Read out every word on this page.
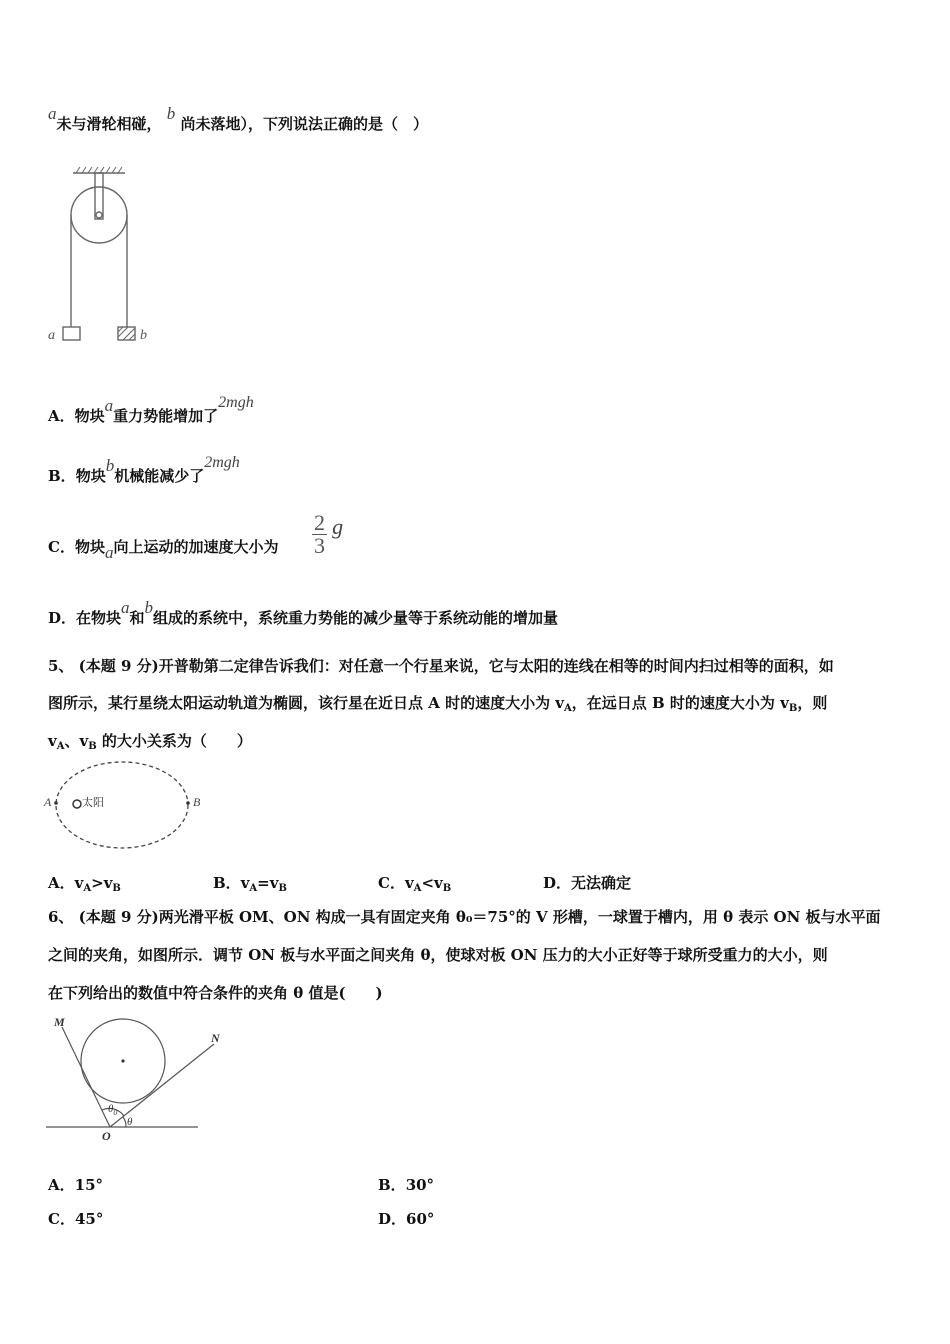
a未与滑轮相碰， b 尚未落地），下列说法正确的是（　）
a	b
A．物块a重力势能增加了2mgh
B．物块b机械能减少了2mgh
C．物块a向上运动的加速度大小为 $\frac{2}{3}$ g
D．在物块a和b组成的系统中，系统重力势能的减少量等于系统动能的增加量
5、 (本题 9 分)开普勒第二定律告诉我们：对任意一个行星来说，它与太阳的连线在相等的时间内扫过相等的面积，如
图所示，某行星绕太阳运动轨道为椭圆，该行星在近日点 A 时的速度大小为 $v_A$，在远日点 B 时的速度大小为 $v_B$，则
$v_A$、$v_B$ 的大小关系为（　　）
A	B
太阳
A．$v_A>v_B$	B．$v_A=v_B$	C．$v_A<v_B$	D．无法确定
6、 (本题 9 分)两光滑平板 OM、ON 构成一具有固定夹角 θ₀＝75°的 V 形槽，一球置于槽内，用 θ 表示 ON 板与水平面
之间的夹角，如图所示．调节 ON 板与水平面之间夹角 θ，使球对板 ON 压力的大小正好等于球所受重力的大小，则
在下列给出的数值中符合条件的夹角 θ 值是(　　)
M
N
O
$\theta_0$
θ
A．15°	B．30°
C．45°	D．60°
